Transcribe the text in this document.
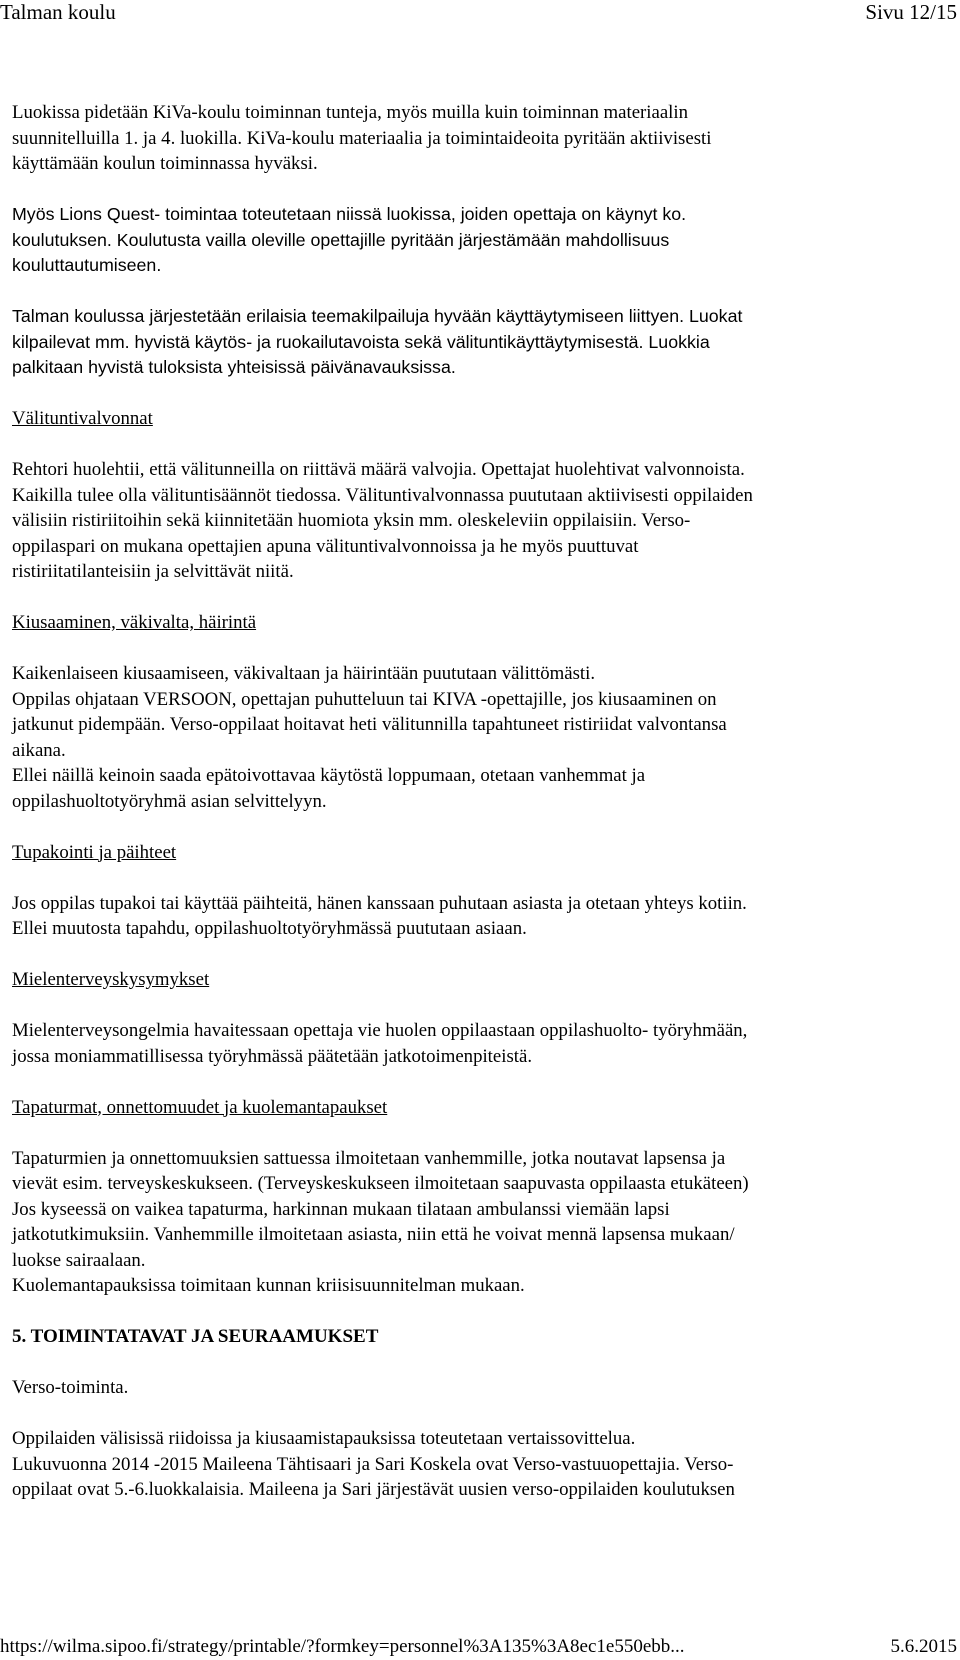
Talman koulu	Sivu 12/15
Luokissa pidetään KiVa-koulu toiminnan tunteja, myös muilla kuin toiminnan materiaalin
suunnitelluilla 1. ja 4. luokilla. KiVa-koulu materiaalia ja toimintaideoita pyritään aktiivisesti
käyttämään koulun toiminnassa hyväksi.
Myös Lions Quest- toimintaa toteutetaan niissä luokissa, joiden opettaja on käynyt ko.
koulutuksen. Koulutusta vailla oleville opettajille pyritään järjestämään mahdollisuus
kouluttautumiseen.
Talman koulussa järjestetään erilaisia teemakilpailuja hyvään käyttäytymiseen liittyen. Luokat
kilpailevat mm. hyvistä käytös- ja ruokailutavoista sekä välituntikäyttäytymisestä. Luokkia
palkitaan hyvistä tuloksista yhteisissä päivänavauksissa.
Välituntivalvonnat
Rehtori huolehtii, että välitunneilla on riittävä määrä valvojia. Opettajat huolehtivat valvonnoista.
Kaikilla tulee olla välituntisäännöt tiedossa. Välituntivalvonnassa puututaan aktiivisesti oppilaiden
välisiin ristiriitoihin sekä kiinnitetään huomiota yksin mm. oleskeleviin oppilaisiin. Verso-
oppilaspari on mukana opettajien apuna välituntivalvonnoissa ja he myös puuttuvat
ristiriitatilanteisiin ja selvittävät niitä.
Kiusaaminen, väkivalta, häirintä
Kaikenlaiseen kiusaamiseen, väkivaltaan ja häirintään puututaan välittömästi.
Oppilas ohjataan VERSOON, opettajan puhutteluun tai KIVA -opettajille, jos kiusaaminen on
jatkunut pidempään. Verso-oppilaat hoitavat heti välitunnilla tapahtuneet ristiriidat valvontansa
aikana.
Ellei näillä keinoin saada epätoivottavaa käytöstä loppumaan, otetaan vanhemmat ja
oppilashuoltotyöryhmä asian selvittelyyn.
Tupakointi ja päihteet
Jos oppilas tupakoi tai käyttää päihteitä, hänen kanssaan puhutaan asiasta ja otetaan yhteys kotiin.
Ellei muutosta tapahdu, oppilashuoltotyöryhmässä puututaan asiaan.
Mielenterveyskysymykset
Mielenterveysongelmia havaitessaan opettaja vie huolen oppilaastaan oppilashuolto- työryhmään,
jossa moniammatillisessa työryhmässä päätetään jatkotoimenpiteistä.
Tapaturmat, onnettomuudet ja kuolemantapaukset
Tapaturmien ja onnettomuuksien sattuessa ilmoitetaan vanhemmille, jotka noutavat lapsensa ja
vievät esim. terveyskeskukseen. (Terveyskeskukseen ilmoitetaan saapuvasta oppilaasta etukäteen)
Jos kyseessä on vaikea tapaturma, harkinnan mukaan tilataan ambulanssi viemään lapsi
jatkotutkimuksiin. Vanhemmille ilmoitetaan asiasta, niin että he voivat mennä lapsensa mukaan/
luokse sairaalaan.
Kuolemantapauksissa toimitaan kunnan kriisisuunnitelman mukaan.
5. TOIMINTATAVAT JA SEURAAMUKSET
Verso-toiminta.
Oppilaiden välisissä riidoissa ja kiusaamistapauksissa toteutetaan vertaissovittelua.
Lukuvuonna 2014 -2015 Maileena Tähtisaari ja Sari Koskela ovat Verso-vastuuopettajia. Verso-
oppilaat ovat 5.-6.luokkalaisia. Maileena ja Sari järjestävät uusien verso-oppilaiden koulutuksen
https://wilma.sipoo.fi/strategy/printable/?formkey=personnel%3A135%3A8ec1e550ebb...	5.6.2015
